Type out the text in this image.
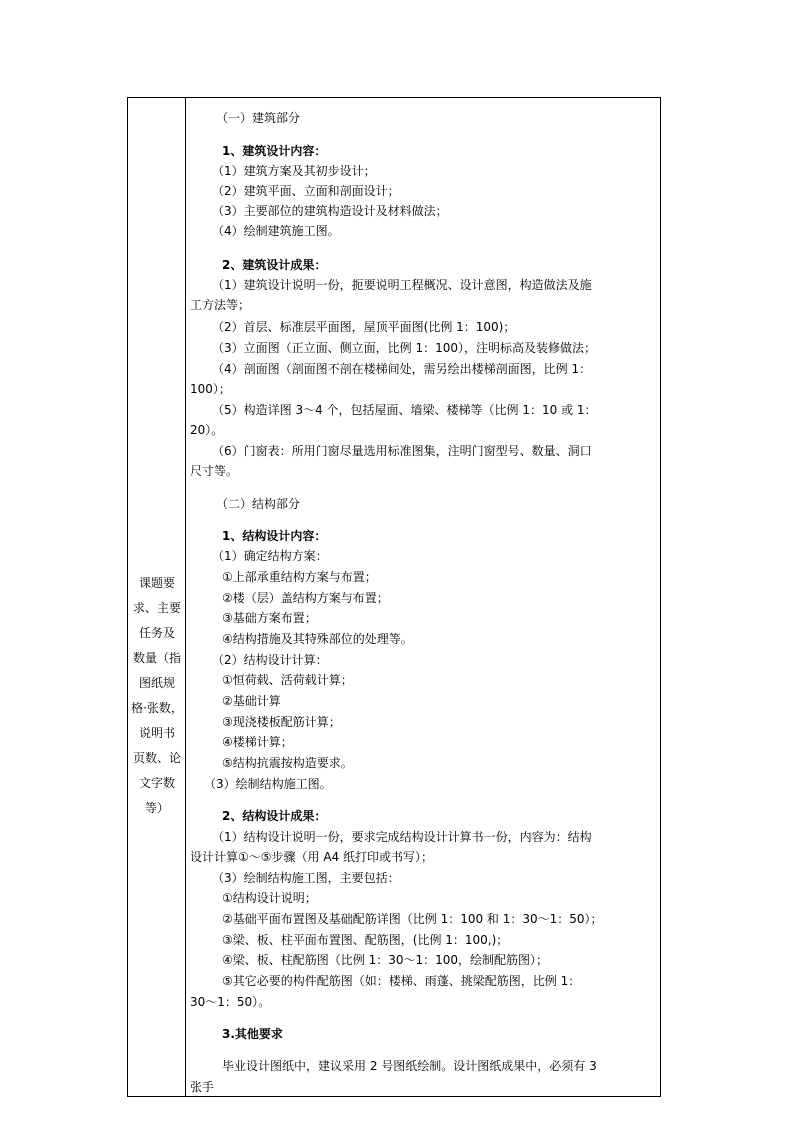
课题要
求、主要
任务及
数量（指
图纸规
格·张数，
说明书
页数、论
文字数
等）
（一）建筑部分
1、建筑设计内容：
（1）建筑方案及其初步设计；
（2）建筑平面、立面和剖面设计；
（3）主要部位的建筑构造设计及材料做法；
（4）绘制建筑施工图。
2、建筑设计成果：
（1）建筑设计说明一份，扼要说明工程概况、设计意图，构造做法及施
工方法等；
（2）首层、标准层平面图，屋顶平面图(比例 1：100)；
（3）立面图（正立面、侧立面，比例 1：100），注明标高及装修做法；
（4）剖面图（剖面图不剖在楼梯间处，需另绘出楼梯剖面图，比例 1：
100）；
（5）构造详图 3～4 个，包括屋面、墙梁、楼梯等（比例 1：10 或 1：
20）。
（6）门窗表：所用门窗尽量选用标准图集，注明门窗型号、数量、洞口
尺寸等。
（二）结构部分
1、结构设计内容：
（1）确定结构方案：
①上部承重结构方案与布置；
②楼（层）盖结构方案与布置；
③基础方案布置；
④结构措施及其特殊部位的处理等。
（2）结构设计计算：
①恒荷载、活荷载计算；
②基础计算
③现浇楼板配筋计算；
④楼梯计算；
⑤结构抗震按构造要求。
（3）绘制结构施工图。
2、结构设计成果：
（1）结构设计说明一份，要求完成结构设计计算书一份，内容为：结构
设计计算①～⑤步骤（用 A4 纸打印或书写）；
（3）绘制结构施工图，主要包括：
①结构设计说明；
②基础平面布置图及基础配筋详图（比例 1：100 和 1：30～1：50）；
③梁、板、柱平面布置图、配筋图，(比例 1：100,)；
④梁、板、柱配筋图（比例 1：30～1：100，绘制配筋图）；
⑤其它必要的构件配筋图（如：楼梯、雨蓬、挑梁配筋图，比例 1：
30～1：50）。
3.其他要求
毕业设计图纸中，建议采用 2 号图纸绘制。设计图纸成果中，必须有 3
张手
